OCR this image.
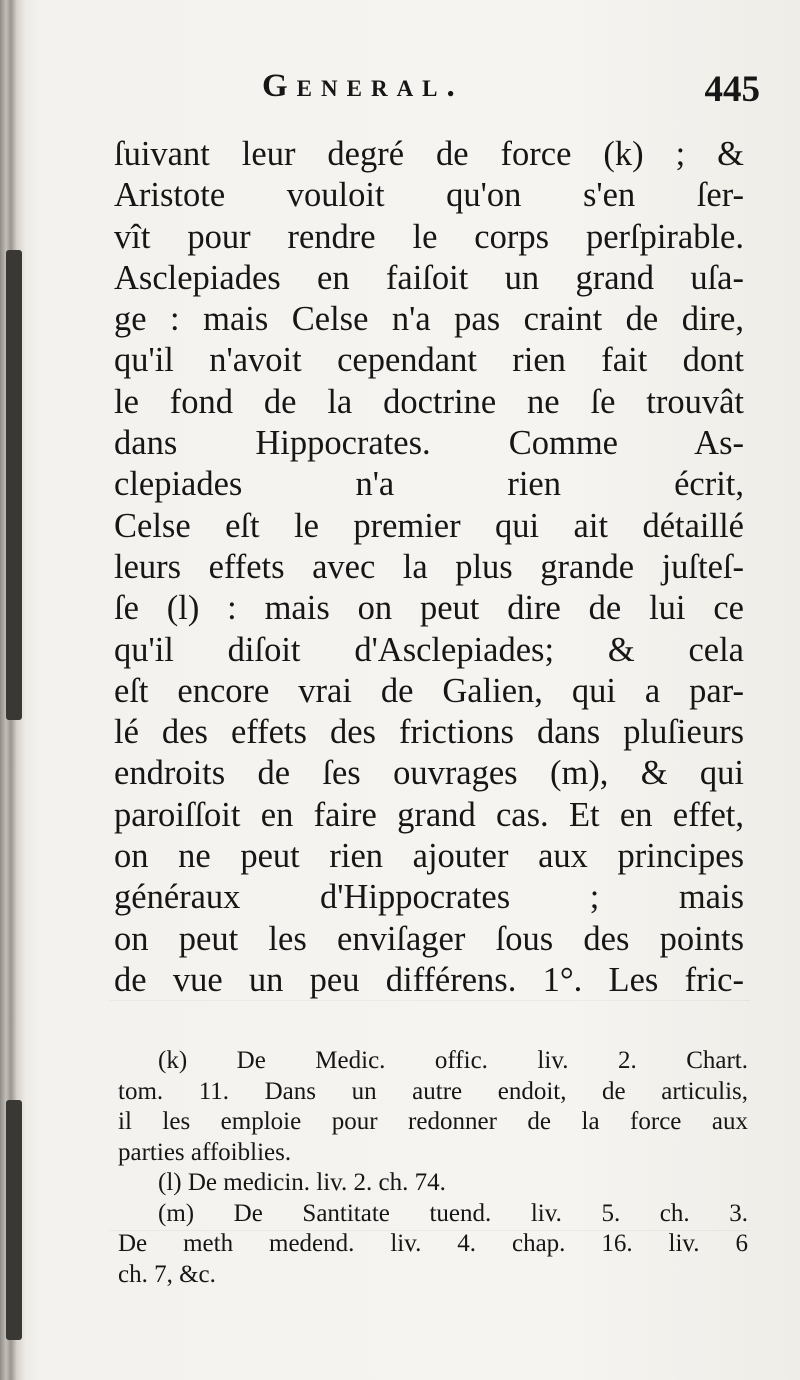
General.	445
ſuivant leur degré de force (k) ; &
Aristote vouloit qu'on s'en ſer-
vît pour rendre le corps perſpirable.
Asclepiades en faiſoit un grand uſa-
ge : mais Celse n'a pas craint de dire,
qu'il n'avoit cependant rien fait dont
le fond de la doctrine ne ſe trouvât
dans Hippocrates. Comme As-
clepiades n'a rien écrit,
Celse eſt le premier qui ait détaillé
leurs effets avec la plus grande juſteſ-
ſe (l) : mais on peut dire de lui ce
qu'il diſoit d'Asclepiades; & cela
eſt encore vrai de Galien, qui a par-
lé des effets des frictions dans pluſieurs
endroits de ſes ouvrages (m), & qui
paroiſſoit en faire grand cas. Et en effet,
on ne peut rien ajouter aux principes
généraux d'Hippocrates ; mais
on peut les enviſager ſous des points
de vue un peu différens. 1°. Les fric-
(k) De Medic. offic. liv. 2. Chart.
tom. 11. Dans un autre endoit, de articulis,
il les emploie pour redonner de la force aux
parties affoiblies.
(l) De medicin. liv. 2. ch. 74.
(m) De Santitate tuend. liv. 5. ch. 3.
De meth medend. liv. 4. chap. 16. liv. 6
ch. 7, &c.
